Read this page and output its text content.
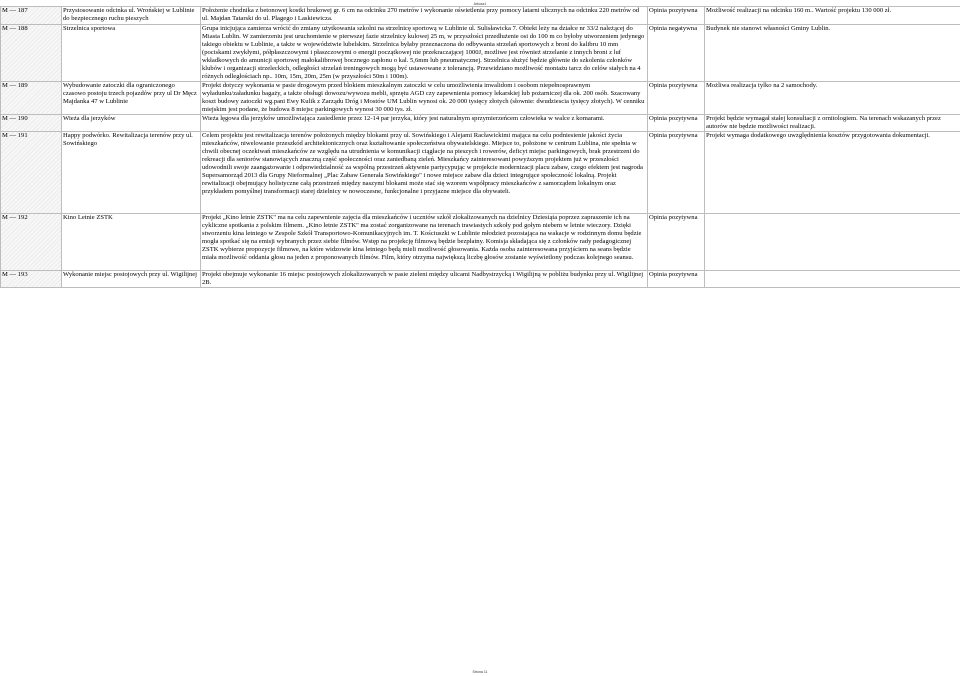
Arkusz1
M — 187	Przystosowanie odcinka ul. Wrońskiej w Lublinie do bezpiecznego ruchu pieszych	Położenie chodnika z betonowej kostki brukowej gr. 6 cm na odcinku 270 metrów i wykonanie oświetlenia przy pomocy latarni ulicznych na odcinku 220 metrów od ul. Majdan Tatarski do ul. Plagego i Laskiewicza.	Opinia pozytywna	Możliwość realizacji na odcinku 160 m.. Wartość projektu 130 000 zł.
M — 188	Strzelnica sportowa	Grupa inicjująca zamierza wrócić do zmiany użytkowania szkolni na strzelnicę sportową w Lublinie ul. Sulisławicka 7. Obiekt leży na działce nr 33/2 należącej do Miasta Lublin. W zamierzeniu jest uruchomienie w pierwszej fazie strzelnicy kulowej 25 m, w przyszłości przedłużenie osi do 100 m co byłoby utworzeniem jedynego takiego obiektu w Lublinie, a także w województwie lubelskim. Strzelnica byłaby przeznaczona do odbywania strzelań sportowych z broni do kalibru 10 mm (pociskami zwykłymi, półpłaszczowymi i płaszczowymi o energii początkowej nie przekraczającej 1000J, możliwe jest również strzelanie z innych broni z luf wkładkowych do amunicji sportowej małokalibrowej bocznego zapłonu o kal. 5,6mm lub pneumatycznej. Strzelnica służyć będzie głównie do szkolenia członków klubów i organizacji strzeleckich, odległości strzelań treningowych mogą być ustawowane z tolerancją. Przewidziano możliwość montażu tarcz do celów stałych na 4 różnych odległościach np.. 10m, 15m, 20m, 25m (w przyszłości 50m i 100m).	Opinia negatywna	Budynek nie stanowi własności Gminy Lublin.
M — 189	Wybudowanie zatoczki dla ograniczonego czasowo postoju trzech pojazdów przy ul Dr Męcz Majdanka 47 w Lublinie	Projekt dotyczy wykonania w pasie drogowym przed blokiem mieszkalnym zatoczki w celu umożliwienia inwalidom i osobom niepełnosprawnym wyładunku/załadunku bagaży, a także obsługi dowozu/wywozu mebli, sprzętu AGD czy zapewnienia pomocy lekarskiej lub pożarniczej dla ok. 200 osób. Szacowany koszt budowy zatoczki wg.pani Ewy Kulik z Zarządu Dróg i Mostów UM Lublin wynosi ok. 20 000 tysięcy złotych (słownie: dwudziescia tysięcy złotych). W cenniku miejskim jest podane, że budowa 8 miejsc parkingowych wynosi 30 000 tys. zł.	Opinia pozytywna	Możliwa realizacja tylko na 2 samochody.
M — 190	Wieża dla jerzyków	Wieża lęgowa dla jerzyków umożliwiająca zasiedlenie przez 12-14 par jerzyka, który jest naturalnym sprzymierzeńcem człowieka w walce z komarami.	Opinia pozytywna	Projekt będzie wymagał stałej konsultacji z ornitologiem. Na terenach wskazanych przez autorów nie będzie możliwości realizacji.
M — 191	Happy podwórko. Rewitalizacja terenów przy ul. Sowińskiego	Celem projektu jest rewitalizacja terenów położonych między blokami przy ul. Sowińskiego i Alejami Racławickimi mająca na celu podniesienie jakości życia mieszkańców, niwelowanie przeszkód architektonicznych oraz kształtowanie społeczeństwa obywatelskiego. Miejsce to, położone w centrum Lublina, nie spełnia w chwili obecnej oczekiwań mieszkańców ze względu na utrudnienia w komunikacji ciągłacje na pieszych i rowerów, deficyt miejsc parkingowych, brak przestrzeni do rekreacji dla seniorów stanowiących znaczną część społeczności oraz zaniedbaną zieleń. Mieszkańcy zainteresowani powyższym projektem już w przeszłości udowodnili swoje zaangażowanie i odpowiedzialność za wspólną przestrzeń aktywnie partycypując w projekcie modernizacji placu zabaw, czego efektem jest nagroda Supersamorząd 2013 dla Grupy Nieformalnej „Plac Zabaw Generała Sowińskiego" i nowe miejsce zabaw dla dzieci integrujące społeczność lokalną. Projekt rewitalizacji obejmujący holistyczne całą przestrzeń między naszymi blokami może stać się wzorem współpracy mieszkańców z samorządem lokalnym oraz przykładem pomyślnej transformacji starej dzielnicy w nowoczesne, funkcjonalne i przyjazne miejsce dla obywateli.	Opinia pozytywna	Projekt wymaga dodatkowego uwzględnienia kosztów przygotowania dokumentacji.
M — 192	Kino Letnie ZSTK	Projekt „Kino letnie ZSTK" ma na celu zapewnienie zajęcia dla mieszkańców i uczniów szkół zlokalizowanych na dzielnicy Dziesiąta poprzez zapraszenie ich na cykliczne spotkania z polskim filmem. „Kino letnie ZSTK" ma zostać zorganizowane na terenach trawiastych szkoły pod gołym niebem w letnie wieczory. Dzięki stworzeniu kina letniego w Zespole Szkół Transportowo-Komunikacyjnych im. T. Kościuszki w Lublinie młodzież pozostająca na wakacje w rodzinnym domu będzie mogła spotkać się na emisji wybranych przez siebie filmów. Wstęp na projekcję filmową będzie bezpłatny. Komisja składająca się z członków rady pedagogicznej ZSTK wybierze propozycje filmowe, na które widzowie kina letniego będą mieli możliwość głosowania. Każda osoba zainteresowana przyjściem na seans będzie miała możliwość oddania głosu na jeden z proponowanych filmów. Film, który otrzyma największą liczbę głosów zostanie wyświetlony podczas kolejnego seansu.	Opinia pozytywna	
M — 193	Wykonanie miejsc postojowych przy ul. Wigilijnej	Projekt obejmuje wykonanie 16 miejsc postojowych zlokalizowanych w pasie zieleni między ulicami Nadbystrzycką i Wigilijną w pobliżu budynku przy ul. Wigilijnej 2B.	Opinia pozytywna	
Strona 11
